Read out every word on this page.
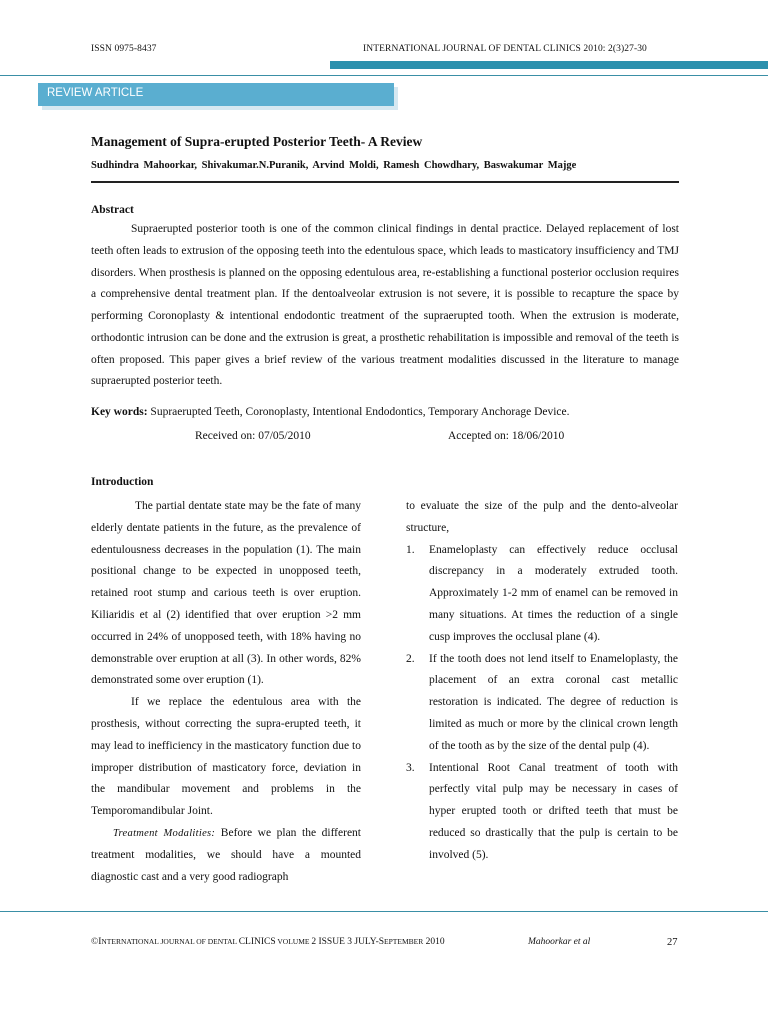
ISSN 0975-8437	INTERNATIONAL JOURNAL OF DENTAL CLINICS 2010: 2(3)27-30
REVIEW ARTICLE
Management of Supra-erupted Posterior Teeth- A Review
Sudhindra Mahoorkar, Shivakumar.N.Puranik, Arvind Moldi, Ramesh Chowdhary, Baswakumar Majge
Abstract

Supraerupted posterior tooth is one of the common clinical findings in dental practice. Delayed replacement of lost teeth often leads to extrusion of the opposing teeth into the edentulous space, which leads to masticatory insufficiency and TMJ disorders. When prosthesis is planned on the opposing edentulous area, re-establishing a functional posterior occlusion requires a comprehensive dental treatment plan. If the dentoalveolar extrusion is not severe, it is possible to recapture the space by performing Coronoplasty & intentional endodontic treatment of the supraerupted tooth. When the extrusion is moderate, orthodontic intrusion can be done and the extrusion is great, a prosthetic rehabilitation is impossible and removal of the teeth is often proposed. This paper gives a brief review of the various treatment modalities discussed in the literature to manage supraerupted posterior teeth.

Key words: Supraerupted Teeth, Coronoplasty, Intentional Endodontics, Temporary Anchorage Device.
Received on: 07/05/2010	Accepted on: 18/06/2010
Introduction

The partial dentate state may be the fate of many elderly dentate patients in the future, as the prevalence of edentulousness decreases in the population (1). The main positional change to be expected in unopposed teeth, retained root stump and carious teeth is over eruption. Kiliaridis et al (2) identified that over eruption >2 mm occurred in 24% of unopposed teeth, with 18% having no demonstrable over eruption at all (3). In other words, 82% demonstrated some over eruption (1).

If we replace the edentulous area with the prosthesis, without correcting the supra-erupted teeth, it may lead to inefficiency in the masticatory function due to improper distribution of masticatory force, deviation in the mandibular movement and problems in the Temporomandibular Joint.

Treatment Modalities: Before we plan the different treatment modalities, we should have a mounted diagnostic cast and a very good radiograph

to evaluate the size of the pulp and the dento-alveolar structure,

1. Enameloplasty can effectively reduce occlusal discrepancy in a moderately extruded tooth. Approximately 1-2 mm of enamel can be removed in many situations. At times the reduction of a single cusp improves the occlusal plane (4).
2. If the tooth does not lend itself to Enameloplasty, the placement of an extra coronal cast metallic restoration is indicated. The degree of reduction is limited as much or more by the clinical crown length of the tooth as by the size of the dental pulp (4).
3. Intentional Root Canal treatment of tooth with perfectly vital pulp may be necessary in cases of hyper erupted tooth or drifted teeth that must be reduced so drastically that the pulp is certain to be involved (5).
©INTERNATIONAL JOURNAL OF DENTAL CLINICS VOLUME 2 ISSUE 3 JULY-SEPTEMBER 2010	Mahoorkar et al	27
